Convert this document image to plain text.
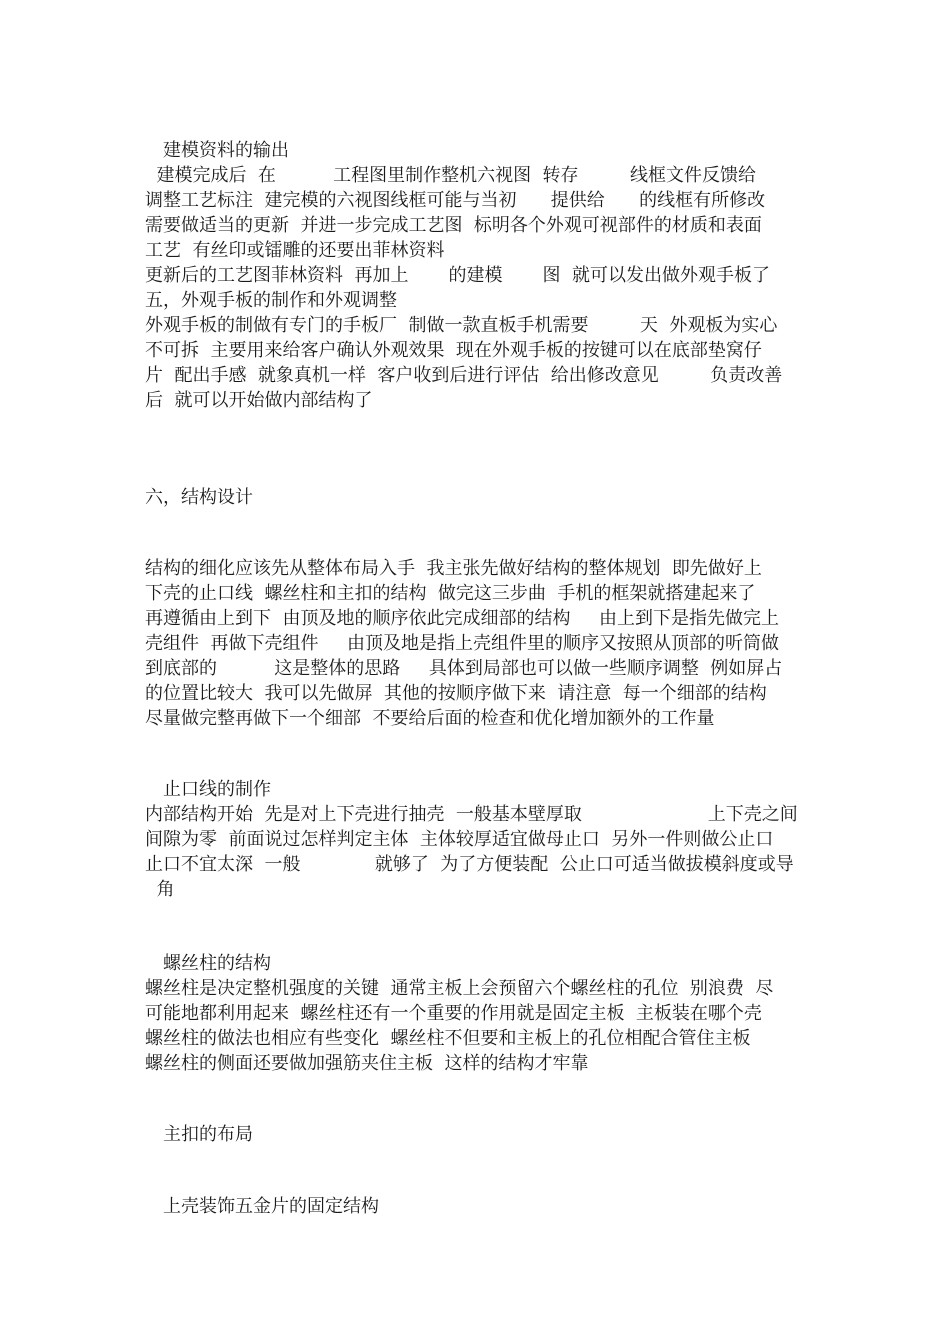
建模资料的输出

建模完成后  在          工程图里制作整机六视图  转存         线框文件反馈给

调整工艺标注  建完模的六视图线框可能与当初      提供给      的线框有所修改

需要做适当的更新  并进一步完成工艺图  标明各个外观可视部件的材质和表面

工艺  有丝印或镭雕的还要出菲林资料

更新后的工艺图菲林资料  再加上       的建模       图  就可以发出做外观手板了

五，外观手板的制作和外观调整

外观手板的制做有专门的手板厂  制做一款直板手机需要         天  外观板为实心

不可拆  主要用来给客户确认外观效果  现在外观手板的按键可以在底部垫窝仔

片  配出手感  就象真机一样  客户收到后进行评估  给出修改意见         负责改善

后  就可以开始做内部结构了

六，结构设计

结构的细化应该先从整体布局入手  我主张先做好结构的整体规划  即先做好上

下壳的止口线  螺丝柱和主扣的结构  做完这三步曲  手机的框架就搭建起来了

再遵循由上到下  由顶及地的顺序依此完成细部的结构     由上到下是指先做完上

壳组件  再做下壳组件     由顶及地是指上壳组件里的顺序又按照从顶部的听筒做

到底部的          这是整体的思路     具体到局部也可以做一些顺序调整  例如屏占

的位置比较大  我可以先做屏  其他的按顺序做下来  请注意  每一个细部的结构

尽量做完整再做下一个细部  不要给后面的检查和优化增加额外的工作量

止口线的制作

内部结构开始  先是对上下壳进行抽壳  一般基本壁厚取                      上下壳之间

间隙为零  前面说过怎样判定主体  主体较厚适宜做母止口  另外一件则做公止口

止口不宜太深  一般             就够了  为了方便装配  公止口可适当做拔模斜度或导

角

螺丝柱的结构

螺丝柱是决定整机强度的关键  通常主板上会预留六个螺丝柱的孔位  别浪费  尽

可能地都利用起来  螺丝柱还有一个重要的作用就是固定主板  主板装在哪个壳

螺丝柱的做法也相应有些变化  螺丝柱不但要和主板上的孔位相配合管住主板

螺丝柱的侧面还要做加强筋夹住主板  这样的结构才牢靠

主扣的布局

上壳装饰五金片的固定结构
